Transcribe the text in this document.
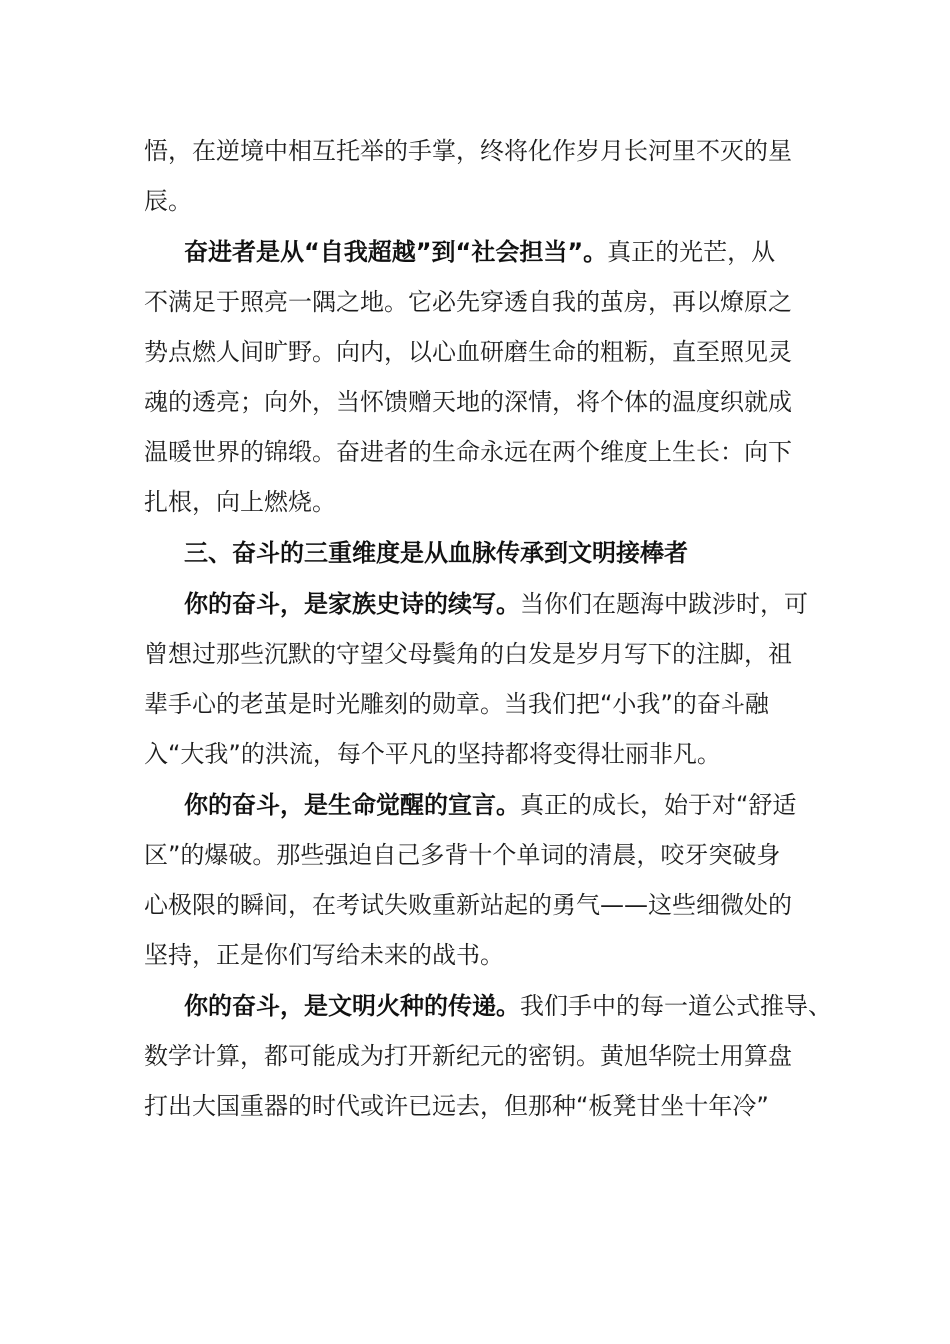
悟，在逆境中相互托举的手掌，终将化作岁月长河里不灭的星
辰。
奋进者是从“自我超越”到“社会担当”。真正的光芒，从
不满足于照亮一隅之地。它必先穿透自我的茧房，再以燎原之
势点燃人间旷野。向内，以心血研磨生命的粗粝，直至照见灵
魂的透亮；向外，当怀馈赠天地的深情，将个体的温度织就成
温暖世界的锦缎。奋进者的生命永远在两个维度上生长：向下
扎根，向上燃烧。
三、奋斗的三重维度是从血脉传承到文明接棒者
你的奋斗，是家族史诗的续写。当你们在题海中跋涉时，可
曾想过那些沉默的守望父母鬓角的白发是岁月写下的注脚，祖
辈手心的老茧是时光雕刻的勋章。当我们把“小我”的奋斗融
入“大我”的洪流，每个平凡的坚持都将变得壮丽非凡。
你的奋斗，是生命觉醒的宣言。真正的成长，始于对“舒适
区”的爆破。那些强迫自己多背十个单词的清晨，咬牙突破身
心极限的瞬间，在考试失败重新站起的勇气——这些细微处的
坚持，正是你们写给未来的战书。
你的奋斗，是文明火种的传递。我们手中的每一道公式推导、
数学计算，都可能成为打开新纪元的密钥。黄旭华院士用算盘
打出大国重器的时代或许已远去，但那种“板凳甘坐十年冷”
